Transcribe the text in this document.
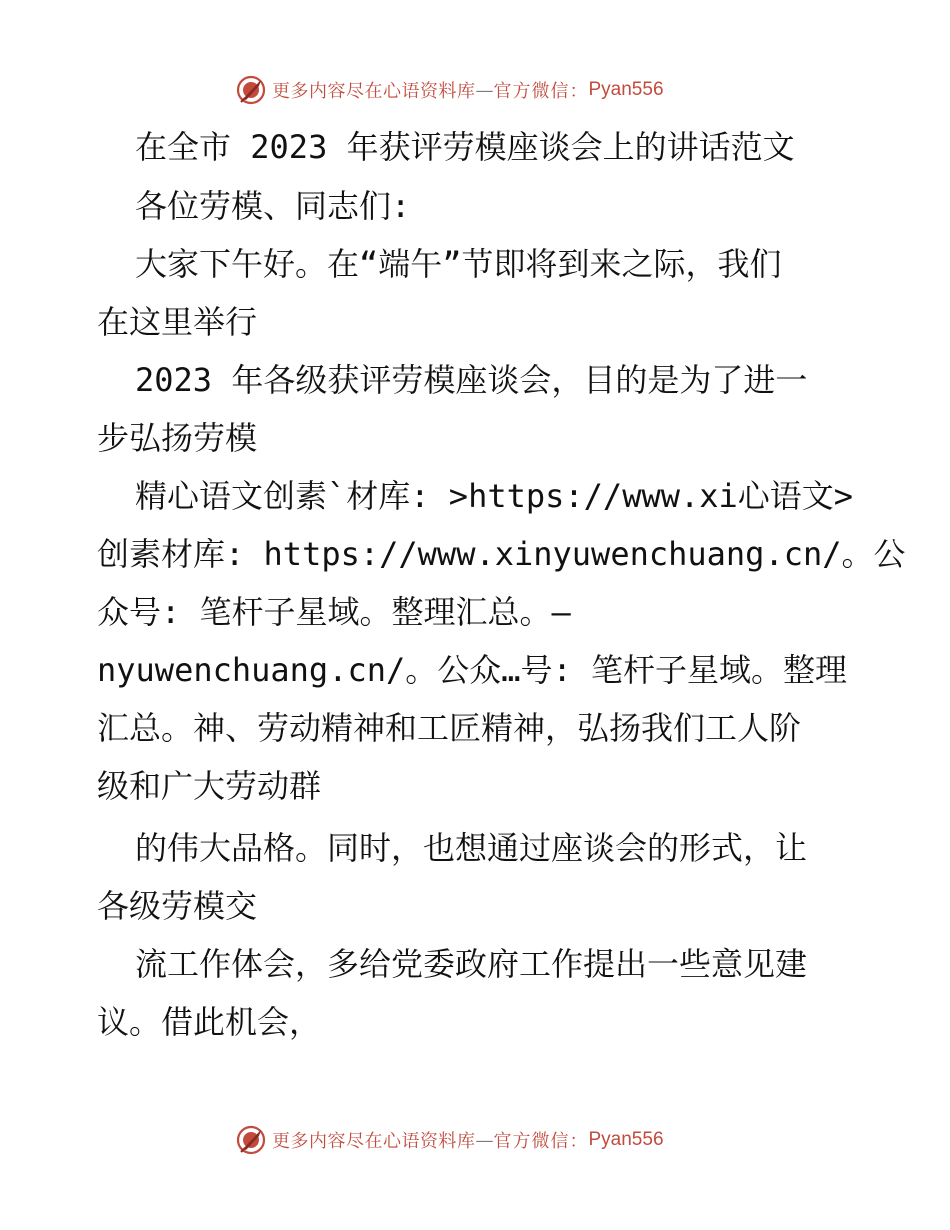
更多内容尽在心语资料库 — 官方微信： Pyan556
在全市 2023 年获评劳模座谈会上的讲话范文
各位劳模、同志们:
大家下午好。在“端午”节即将到来之际，我们
在这里举行
2023 年各级获评劳模座谈会，目的是为了进一
步弘扬劳模
精心语文创素`材库: >https://www.xi心语文>
创素材库: https://www.xinyuwenchuang.cn/。公
众号: 笔杆子星域。整理汇总。—
nyuwenchuang.cn/。公众…号: 笔杆子星域。整理
汇总。神、劳动精神和工匠精神，弘扬我们工人阶
级和广大劳动群
的伟大品格。同时，也想通过座谈会的形式，让
各级劳模交
流工作体会，多给党委政府工作提出一些意见建
议。借此机会，
更多内容尽在心语资料库 — 官方微信： Pyan556
